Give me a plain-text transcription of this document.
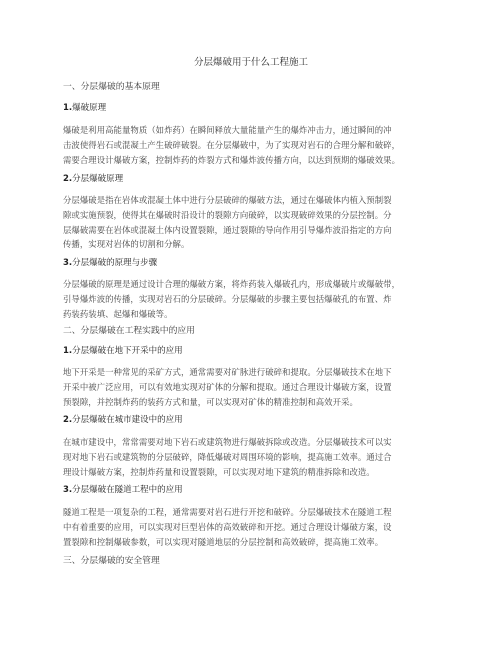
分层爆破用于什么工程施工
一、分层爆破的基本原理
1.爆破原理
爆破是利用高能量物质（如炸药）在瞬间释放大量能量产生的爆炸冲击力，通过瞬间的冲
击波使得岩石或混凝土产生破碎破裂。在分层爆破中，为了实现对岩石的合理分解和破碎，
需要合理设计爆破方案，控制炸药的炸裂方式和爆炸波传播方向，以达到预期的爆破效果。
2.分层爆破原理
分层爆破是指在岩体或混凝土体中进行分层破碎的爆破方法，通过在爆破体内植入预制裂
隙或实施预裂，使得其在爆破时沿设计的裂隙方向破碎，以实现破碎效果的分层控制。分
层爆破需要在岩体或混凝土体内设置裂隙，通过裂隙的导向作用引导爆炸波沿指定的方向
传播，实现对岩体的切割和分解。
3.分层爆破的原理与步骤
分层爆破的原理是通过设计合理的爆破方案，将炸药装入爆破孔内，形成爆破片或爆破带，
引导爆炸波的传播，实现对岩石的分层破碎。分层爆破的步骤主要包括爆破孔的布置、炸
药装药装填、起爆和爆破等。
二、分层爆破在工程实践中的应用
1.分层爆破在地下开采中的应用
地下开采是一种常见的采矿方式，通常需要对矿脉进行破碎和提取。分层爆破技术在地下
开采中被广泛应用，可以有效地实现对矿体的分解和提取。通过合理设计爆破方案，设置
预裂隙，并控制炸药的装药方式和量，可以实现对矿体的精准控制和高效开采。
2.分层爆破在城市建设中的应用
在城市建设中，常常需要对地下岩石或建筑物进行爆破拆除或改造。分层爆破技术可以实
现对地下岩石或建筑物的分层破碎，降低爆破对周围环境的影响，提高施工效率。通过合
理设计爆破方案，控制炸药量和设置裂隙，可以实现对地下建筑的精准拆除和改造。
3.分层爆破在隧道工程中的应用
隧道工程是一项复杂的工程，通常需要对岩石进行开挖和破碎。分层爆破技术在隧道工程
中有着重要的应用，可以实现对巨型岩体的高效破碎和开挖。通过合理设计爆破方案，设
置裂隙和控制爆破参数，可以实现对隧道地层的分层控制和高效破碎，提高施工效率。
三、分层爆破的安全管理
